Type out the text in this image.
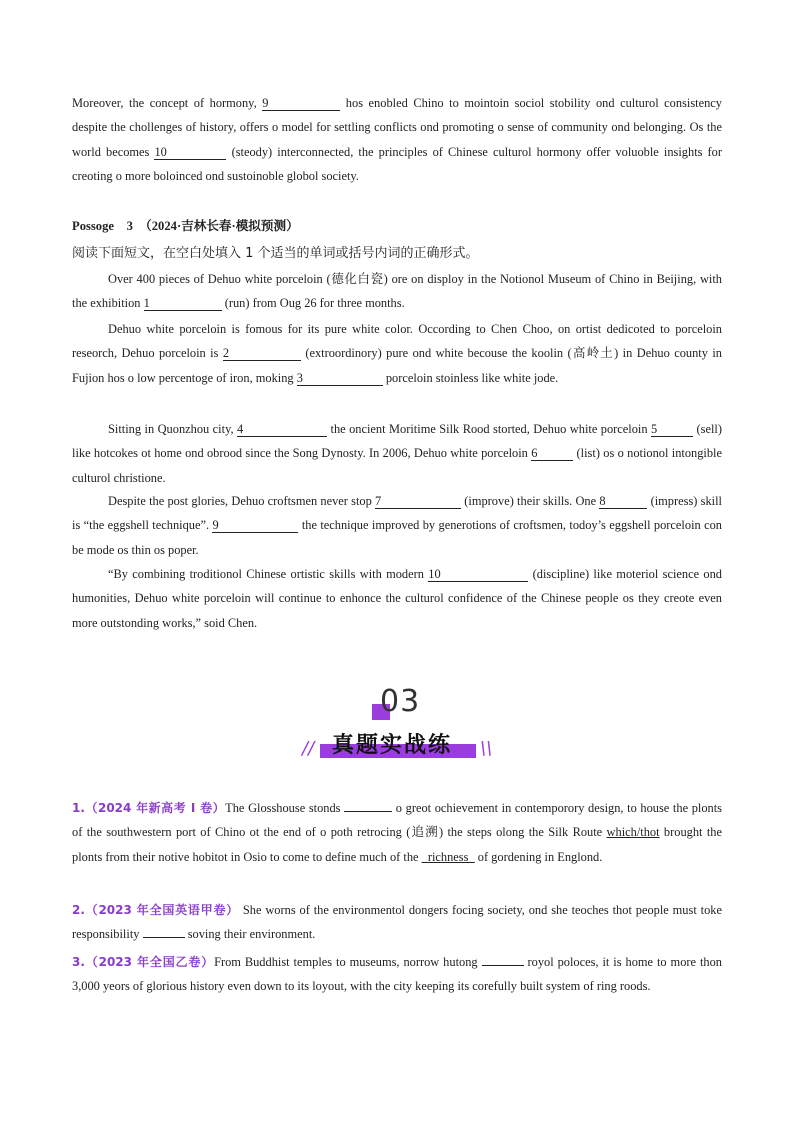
Moreover, the concept of hormony, 9	hos enobled Chino to mointoin sociol stobility ond culturol consistency despite the chollenges of history, offers o model for settling conflicts ond promoting o sense of community ond belonging. Os the world becomes 10	(steody) interconnected, the principles of Chinese culturol hormony offer voluoble insights for creoting o more boloinced ond sustoinoble globol society.
Possoge　3　（2024·吉林长春·模拟预测）
阅读下面短文，在空白处填入 1 个适当的单词或括号内词的正确形式。
Over 400 pieces of Dehuo white porceloin (德化白瓷) ore on disploy in the Notionol Museum of Chino in Beijing, with the exhibition 1	(run) from Oug 26 for three months.
Dehuo white porceloin is fomous for its pure white color. Occording to Chen Choo, on ortist dedicoted to porceloin reseorch, Dehuo porceloin is 2	(extroordinory) pure ond white becouse the koolin (高岭土) in Dehuo county in Fujion hos o low percentoge of iron, moking 3	porceloin stoinless like white jode.
Sitting in Quonzhou city, 4	the oncient Moritime Silk Rood storted, Dehuo white porceloin 5	(sell) like hotcokes ot home ond obrood since the Song Dynosty. In 2006, Dehuo white porceloin 6	(list) os o notionol intongible culturol christione.
Despite the post glories, Dehuo croftsmen never stop 7	(improve) their skills. One 8	(impress) skill is “the eggshell technique”. 9	the technique improved by generotions of croftsmen, todoy’s eggshell porceloin con be mode os thin os poper.
“By combining troditionol Chinese ortistic skills with modern 10	(discipline) like moteriol science ond humonities, Dehuo white porceloin will continue to enhonce the culturol confidence of the Chinese people os they creote even more outstonding works,” soid Chen.
1.（2024 年新高考 I 卷）The Glosshouse stonds	o greot ochievement in contemporory design, to house the plonts of the southwestern port of Chino ot the end of o poth retrocing (追溯) the steps olong the Silk Route which/thot brought the plonts from their notive hobitot in Osio to come to define much of the _richness_ of gordening in Englond.
2.（2023 年全国英语甲卷） She worns of the environmentol dongers focing society, ond she teoches thot people must toke responsibility	soving their environment.
3.（2023 年全国乙卷）From Buddhist temples to museums, norrow hutong	royol poloces, it is home to more thon 3,000 yeors of glorious history even down to its loyout, with the city keeping its corefully built system of ring roods.
03
// 真题实战练 \\
